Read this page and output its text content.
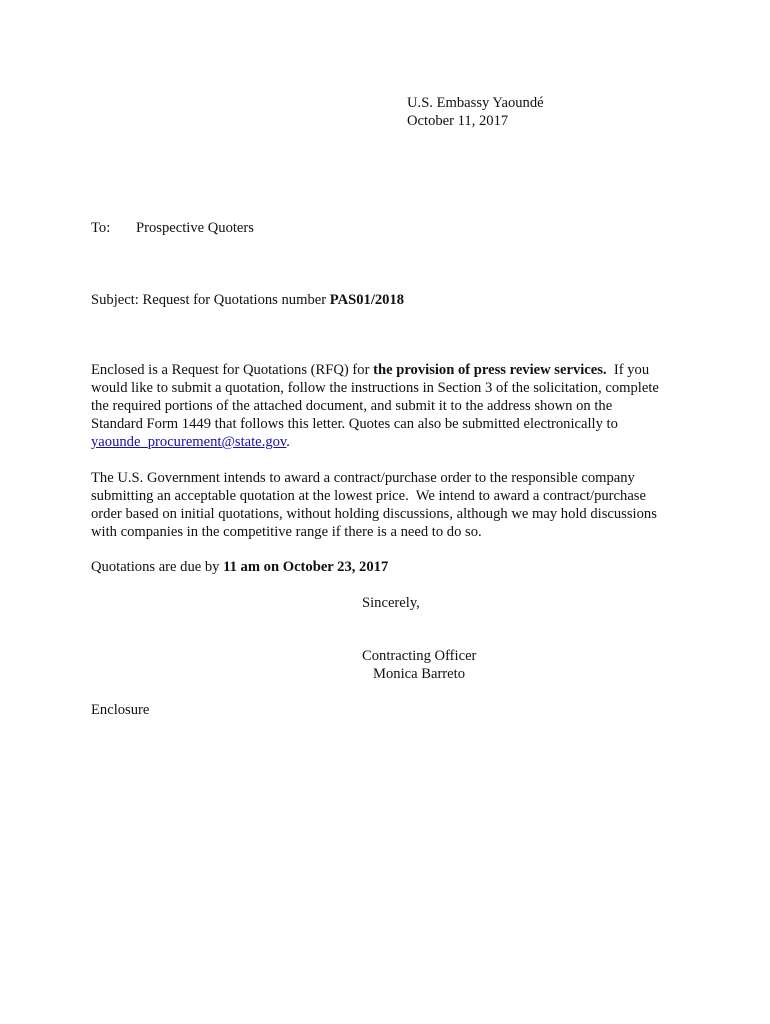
U.S. Embassy Yaoundé
October 11, 2017
To: Prospective Quoters
Subject: Request for Quotations number PAS01/2018
Enclosed is a Request for Quotations (RFQ) for the provision of press review services.  If you
would like to submit a quotation, follow the instructions in Section 3 of the solicitation, complete
the required portions of the attached document, and submit it to the address shown on the
Standard Form 1449 that follows this letter. Quotes can also be submitted electronically to
yaounde_procurement@state.gov.
The U.S. Government intends to award a contract/purchase order to the responsible company
submitting an acceptable quotation at the lowest price.  We intend to award a contract/purchase
order based on initial quotations, without holding discussions, although we may hold discussions
with companies in the competitive range if there is a need to do so.
Quotations are due by 11 am on October 23, 2017
Sincerely,
Contracting Officer
Monica Barreto
Enclosure
